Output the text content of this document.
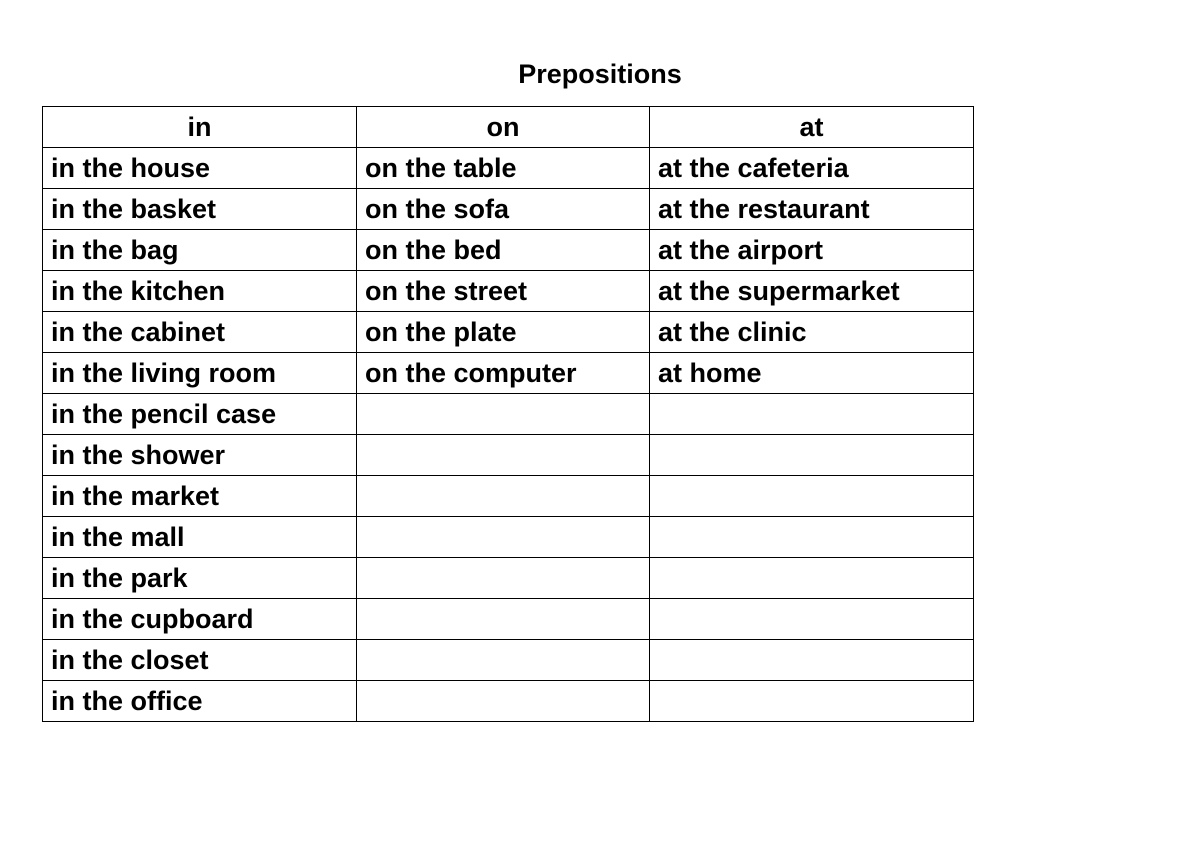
Prepositions
in	on	at
in the house	on the table	at the cafeteria
in the basket	on the sofa	at the restaurant
in the bag	on the bed	at the airport
in the kitchen	on the street	at the supermarket
in the cabinet	on the plate	at the clinic
in the living room	on the computer	at home
in the pencil case		
in the shower		
in the market		
in the mall		
in the park		
in the cupboard		
in the closet		
in the office		
